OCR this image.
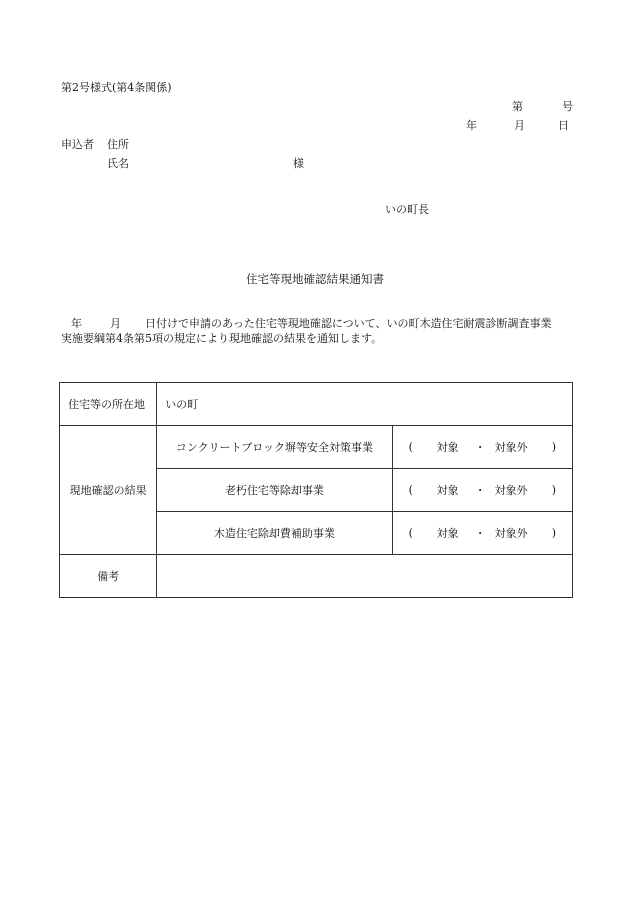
第2号様式(第4条関係)
第	号
年	月	日
申込者 住所
氏名	様
いの町長
住宅等現地確認結果通知書
年	月 日付けで申請のあった住宅等現地確認について、いの町木造住宅耐震診断調査事業
実施要綱第4条第5項の規定により現地確認の結果を通知します。
住宅等の所在地	いの町	
現地確認の結果	コンクリートブロック塀等安全対策事業	( 対象 ・ 対象外 )

	老朽住宅等除却事業	( 対象 ・ 対象外 )

	木造住宅除却費補助事業	( 対象 ・ 対象外 )

備考		
